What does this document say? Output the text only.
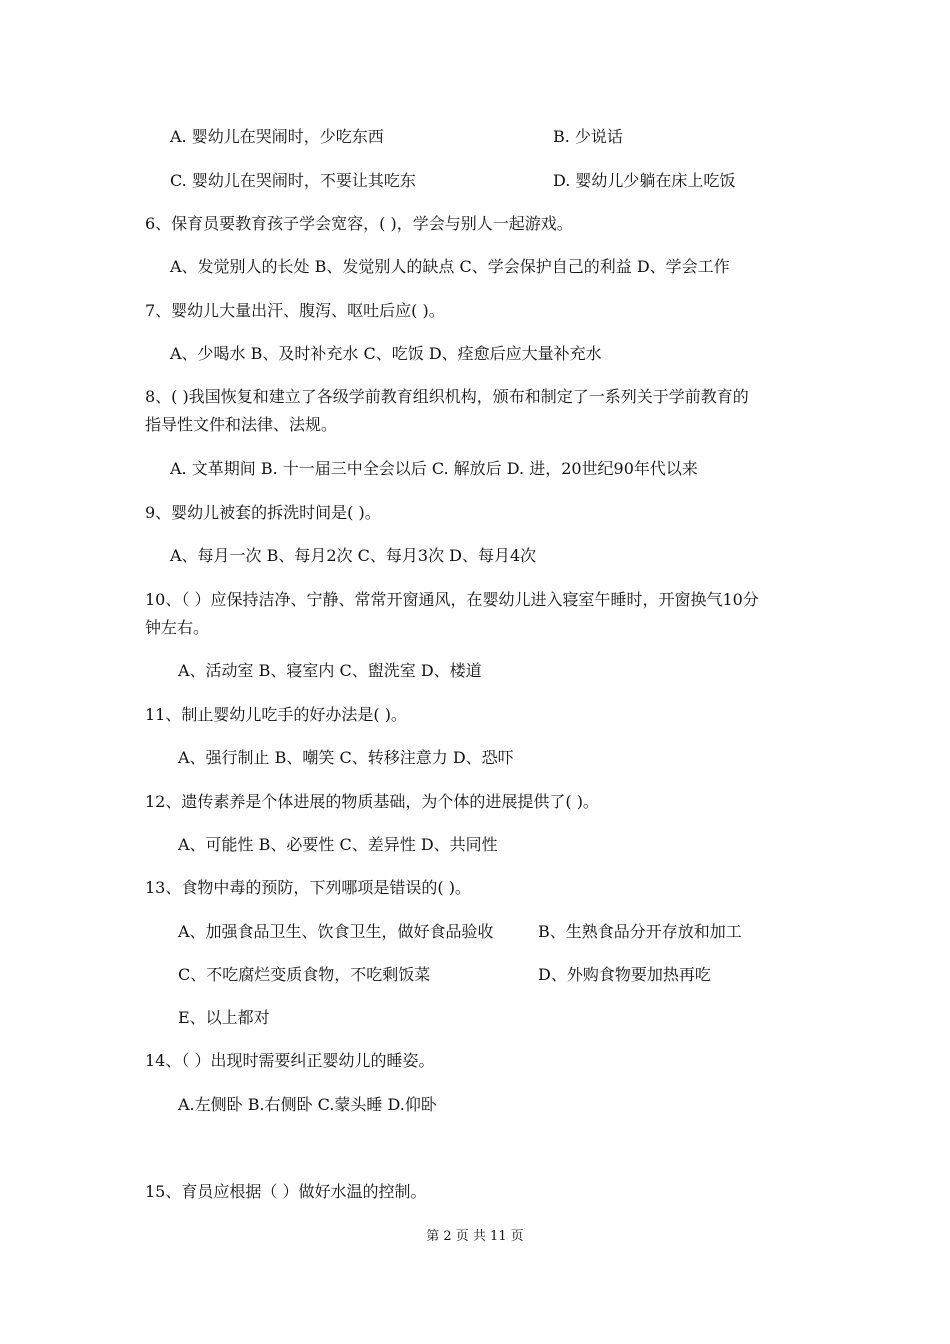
A. 婴幼儿在哭闹时，少吃东西	B. 少说话
C. 婴幼儿在哭闹时，不要让其吃东	D. 婴幼儿少躺在床上吃饭
6、保育员要教育孩子学会宽容，( )，学会与别人一起游戏。
A、发觉别人的长处 B、发觉别人的缺点 C、学会保护自己的利益 D、学会工作
7、婴幼儿大量出汗、腹泻、呕吐后应( )。
A、少喝水 B、及时补充水 C、吃饭 D、痊愈后应大量补充水
8、( )我国恢复和建立了各级学前教育组织机构，颁布和制定了一系列关于学前教育的
指导性文件和法律、法规。
A. 文革期间 B. 十一届三中全会以后 C. 解放后 D. 进，20世纪90年代以来
9、婴幼儿被套的拆洗时间是( )。
A、每月一次 B、每月2次 C、每月3次 D、每月4次
10、（ ）应保持洁净、宁静、常常开窗通风，在婴幼儿进入寝室午睡时，开窗换气10分
钟左右。
A、活动室 B、寝室内 C、盥洗室 D、楼道
11、制止婴幼儿吃手的好办法是( )。
A、强行制止 B、嘲笑 C、转移注意力 D、恐吓
12、遗传素养是个体进展的物质基础，为个体的进展提供了( )。
A、可能性 B、必要性 C、差异性 D、共同性
13、食物中毒的预防，下列哪项是错误的( )。
A、加强食品卫生、饮食卫生，做好食品验收	B、生熟食品分开存放和加工
C、不吃腐烂变质食物，不吃剩饭菜	D、外购食物要加热再吃
E、以上都对
14、（ ）出现时需要纠正婴幼儿的睡姿。
A.左侧卧 B.右侧卧 C.蒙头睡 D.仰卧
15、育员应根据（ ）做好水温的控制。
第 2 页 共 11 页
